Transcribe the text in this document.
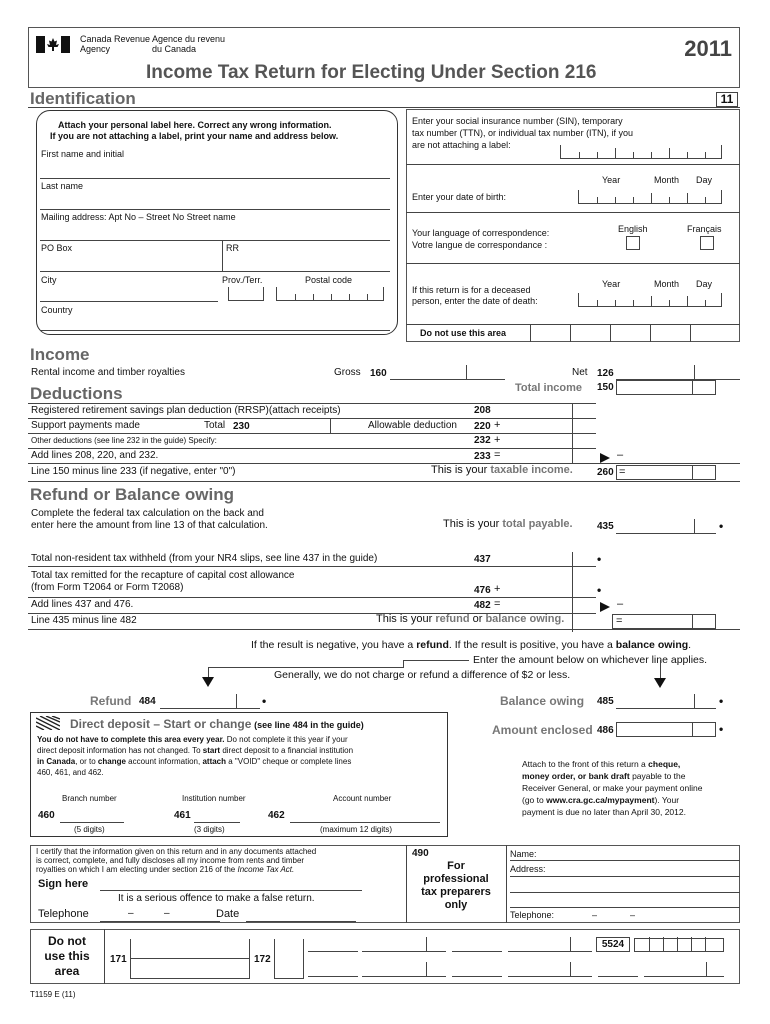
Canada Revenue
Agency
Agence du revenu
du Canada	2011
Income Tax Return for Electing Under Section 216
Identification	11
Attach your personal label here. Correct any wrong information.
If you are not attaching a label, print your name and address below.
First name and initial
Last name
Mailing address: Apt No – Street No Street name
PO Box	RR
City	Prov./Terr.	Postal code
Country
Enter your social insurance number (SIN), temporary
tax number (TTN), or individual tax number (ITN), if you
are not attaching a label:
Year	Month Day
Enter your date of birth:
Your language of correspondence:
Votre langue de correspondance :
English	Français
Year	Month Day
If this return is for a deceased
person, enter the date of death:
Do not use this area
Income
Rental income and timber royalties	Gross 160	Net 126
Total income 150
Deductions
Registered retirement savings plan deduction (RRSP)(attach receipts)	208
Support payments made	Total 230	Allowable deduction 220 +
Other deductions (see line 232 in the guide) Specify:	232 +
Add lines 208, 220, and 232.	233 =	–
Line 150 minus line 233 (if negative, enter "0")	This is your taxable income. 260 =
Refund or Balance owing
Complete the federal tax calculation on the back and
enter here the amount from line 13 of that calculation.	This is your total payable. 435	•
Total non-resident tax withheld (from your NR4 slips, see line 437 in the guide)	437	•
Total tax remitted for the recapture of capital cost allowance
(from Form T2064 or Form T2068)	476 +	•
Add lines 437 and 476.	482 =	–
Line 435 minus line 482	This is your refund or balance owing.	=
If the result is negative, you have a refund. If the result is positive, you have a balance owing.
Enter the amount below on whichever line applies.
Generally, we do not charge or refund a difference of $2 or less.
Refund 484	•	Balance owing 485	•
Direct deposit – Start or change (see line 484 in the guide)
You do not have to complete this area every year. Do not complete it this year if your
direct deposit information has not changed. To start direct deposit to a financial institution
in Canada, or to change account information, attach a "VOID" cheque or complete lines
460, 461, and 462.
Branch number	Institution number	Account number
460	461	462
(5 digits)	(3 digits)	(maximum 12 digits)
Amount enclosed 486	•
Attach to the front of this return a cheque,
money order, or bank draft payable to the
Receiver General, or make your payment online
(go to www.cra.gc.ca/mypayment). Your
payment is due no later than April 30, 2012.
I certify that the information given on this return and in any documents attached
is correct, complete, and fully discloses all my income from rents and timber
royalties on which I am electing under section 216 of the Income Tax Act.
Sign here
It is a serious offence to make a false return.
Telephone	–	–	Date
490
For
professional
tax preparers
only
Name:
Address:
Telephone:	–	–
Do not
use this
area
171	172
5524
T1159 E (11)
